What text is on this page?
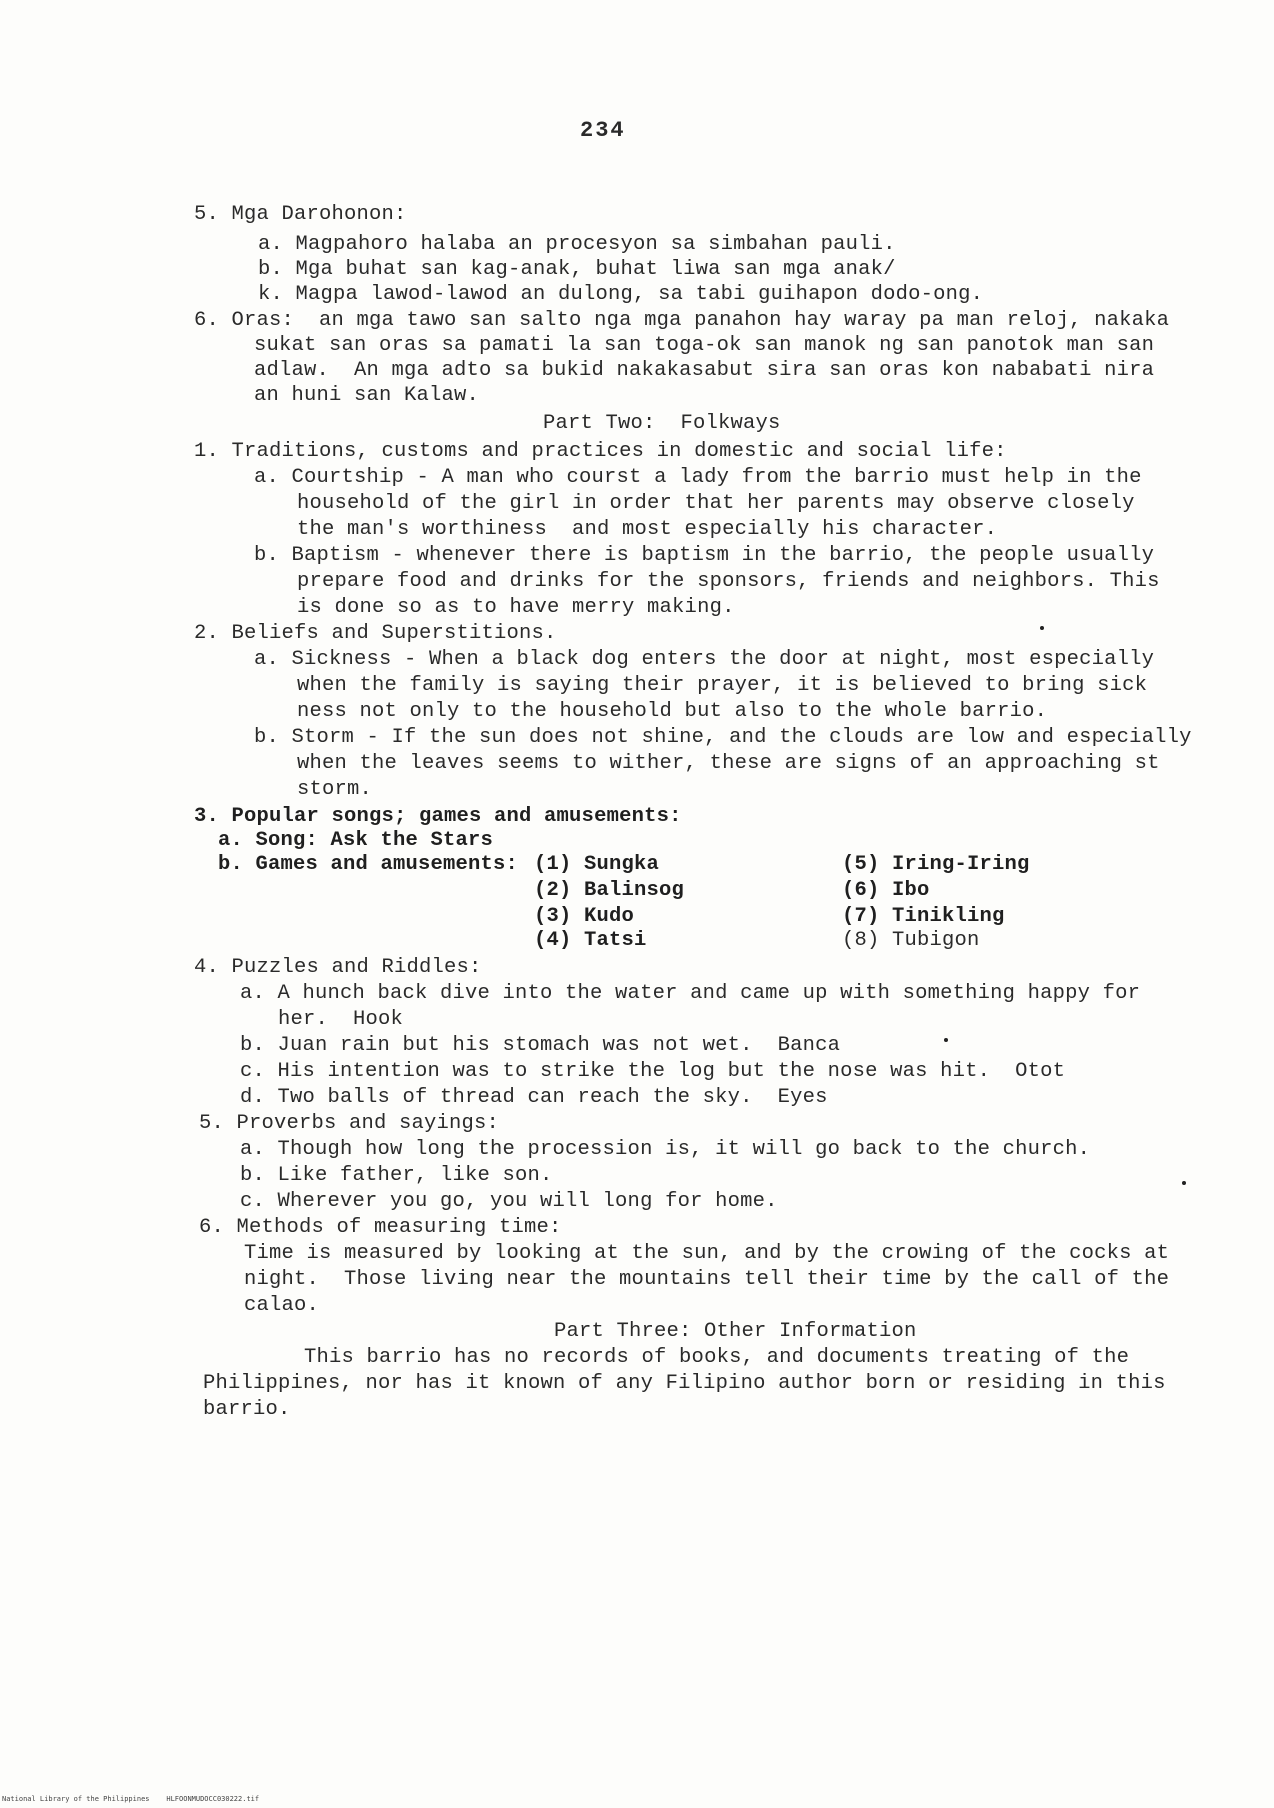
234
5. Mga Darohonon:
a. Magpahoro halaba an procesyon sa simbahan pauli.
b. Mga buhat san kag-anak, buhat liwa san mga anak/
k. Magpa lawod-lawod an dulong, sa tabi guihapon dodo-ong.
6. Oras:  an mga tawo san salto nga mga panahon hay waray pa man reloj, nakaka
sukat san oras sa pamati la san toga-ok san manok ng san panotok man san
adlaw.  An mga adto sa bukid nakakasabut sira san oras kon nababati nira
an huni san Kalaw.
Part Two:  Folkways
1. Traditions, customs and practices in domestic and social life:
a. Courtship - A man who courst a lady from the barrio must help in the
household of the girl in order that her parents may observe closely
the man's worthiness  and most especially his character.
b. Baptism - whenever there is baptism in the barrio, the people usually
prepare food and drinks for the sponsors, friends and neighbors. This
is done so as to have merry making.
2. Beliefs and Superstitions.
a. Sickness - When a black dog enters the door at night, most especially
when the family is saying their prayer, it is believed to bring sick
ness not only to the household but also to the whole barrio.
b. Storm - If the sun does not shine, and the clouds are low and especially
when the leaves seems to wither, these are signs of an approaching st
storm.
3. Popular songs; games and amusements:
a. Song: Ask the Stars
b. Games and amusements: (1) Sungka
(2) Balinsog
(3) Kudo
(4) Tatsi
(5) Iring-Iring
(6) Ibo
(7) Tinikling
(8) Tubigon
4. Puzzles and Riddles:
a. A hunch back dive into the water and came up with something happy for
her.  Hook
b. Juan rain but his stomach was not wet.  Banca
c. His intention was to strike the log but the nose was hit.  Otot
d. Two balls of thread can reach the sky.  Eyes
5. Proverbs and sayings:
a. Though how long the procession is, it will go back to the church.
b. Like father, like son.
c. Wherever you go, you will long for home.
6. Methods of measuring time:
Time is measured by looking at the sun, and by the crowing of the cocks at
night.  Those living near the mountains tell their time by the call of the
calao.
Part Three: Other Information
This barrio has no records of books, and documents treating of the
Philippines, nor has it known of any Filipino author born or residing in this
barrio.
National Library of the Philippines HLFOONMUDOCC030222.tif
